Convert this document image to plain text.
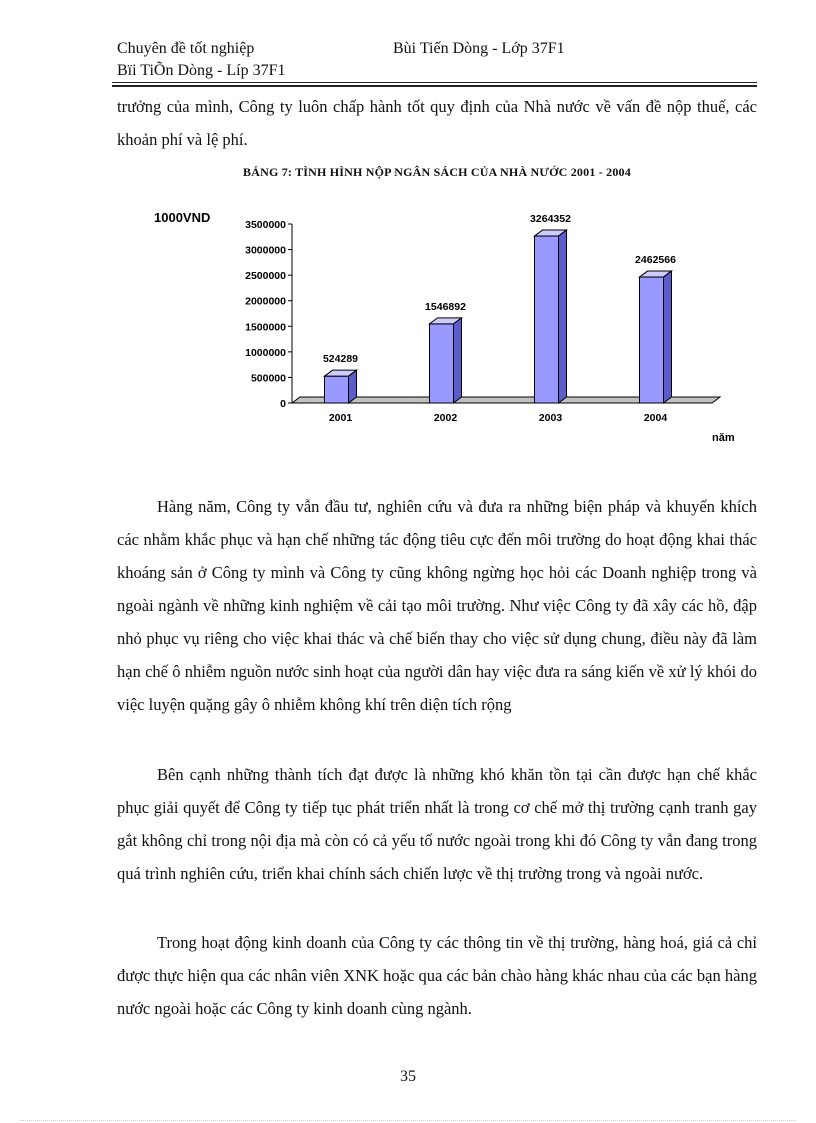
Chuyên đề tốt nghiệp
Bïi TiÕn Dòng - Líp 37F1
Bùi Tiến Dòng - Lớp 37F1

trưởng của mình, Công ty luôn chấp hành tốt quy định của Nhà nước về vấn đề nộp thuế, các khoản phí và lệ phí.

BẢNG 7: TÌNH HÌNH NỘP NGÂN SÁCH CỦA NHÀ NƯỚC 2001 - 2004
1000VND
năm
0
500000
1000000
1500000
2000000
2500000
3000000
3500000
524289
2001
1546892
2002
3264352
2003
2462566
2004

Hàng năm, Công ty vẫn đầu tư, nghiên cứu và đưa ra những biện pháp và khuyến khích các nhằm khắc phục và hạn chế những tác động tiêu cực đến môi trường do hoạt động khai thác khoáng sản ở Công ty mình và Công ty cũng không ngừng học hỏi các Doanh nghiệp trong và ngoài ngành về những kinh nghiệm về cải tạo môi trường. Như việc Công ty đã xây các hồ, đập nhỏ phục vụ riêng cho việc khai thác và chế biến thay cho việc sử dụng chung, điều này đã làm hạn chế ô nhiễm nguồn nước sinh hoạt của người dân hay việc đưa ra sáng kiến về xử lý khói do việc luyện quặng gây ô nhiễm không khí trên diện tích rộng

Bên cạnh những thành tích đạt được là những khó khăn tồn tại cần được hạn chế khắc phục giải quyết để Công ty tiếp tục phát triển nhất là trong cơ chế mở thị trường cạnh tranh gay gắt không chỉ trong nội địa mà còn có cả yếu tố nước ngoài trong khi đó Công ty vẫn đang trong quá trình nghiên cứu, triển khai chính sách chiến lược về thị trường trong và ngoài nước.

Trong hoạt động kinh doanh của Công ty các thông tin về thị trường, hàng hoá, giá cả chỉ được thực hiện qua các nhân viên XNK hoặc qua các bản chào hàng khác nhau của các bạn hàng nước ngoài hoặc các Công ty kinh doanh cùng ngành.

35
